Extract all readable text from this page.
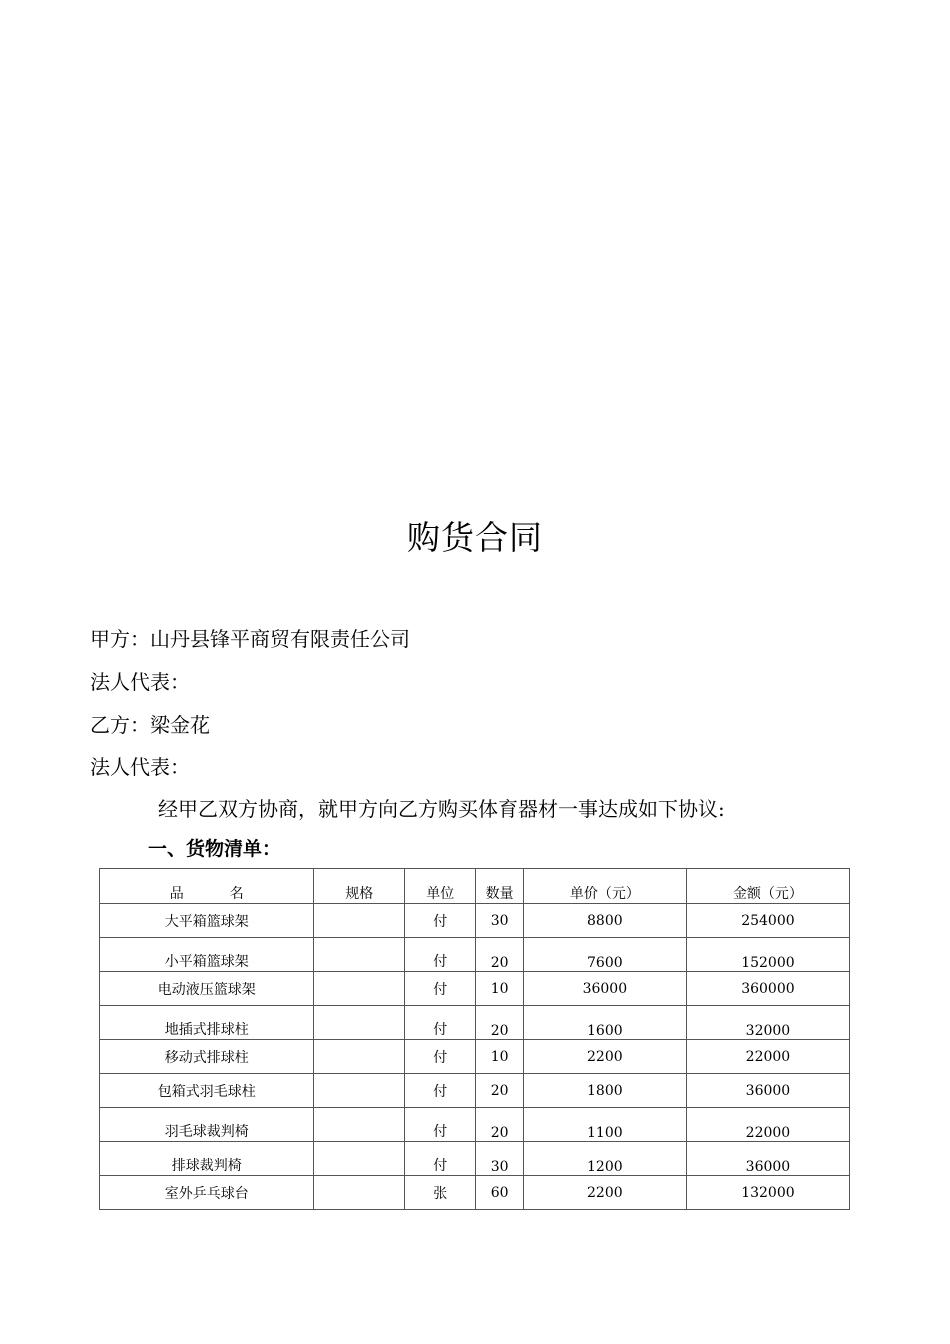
购货合同
甲方：山丹县锋平商贸有限责任公司
法人代表：
乙方：梁金花
法人代表：
经甲乙双方协商，就甲方向乙方购买体育器材一事达成如下协议:
一、货物清单：
品 名	规格	单位	数量	单价（元）	金额（元）
大平箱篮球架		付	30	8800	254000
小平箱篮球架		付	20	7600	152000
电动液压篮球架		付	10	36000	360000
地插式排球柱		付	20	1600	32000
移动式排球柱		付	10	2200	22000
包箱式羽毛球柱		付	20	1800	36000
羽毛球裁判椅		付	20	1100	22000
排球裁判椅		付	30	1200	36000
室外乒乓球台		张	60	2200	132000
